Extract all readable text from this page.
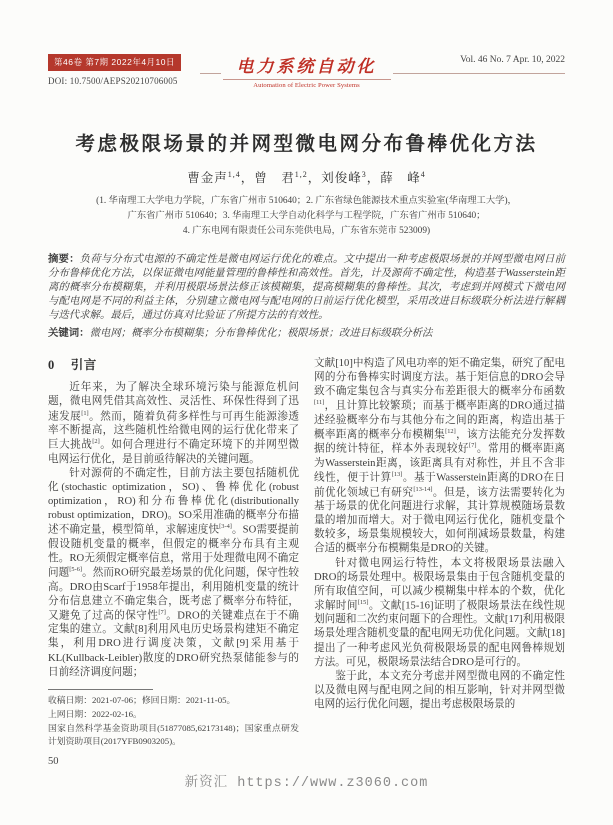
第46卷 第7期 2022年4月10日
DOI: 10.7500/AEPS20210706005
电力系统自动化
Automation of Electric Power Systems
Vol. 46 No. 7 Apr. 10, 2022
考虑极限场景的并网型微电网分布鲁棒优化方法
曹金声$^{1,4}$，曾　君$^{1,2}$，刘俊峰$^3$，薛　峰$^4$
(1. 华南理工大学电力学院，广东省广州市 510640；2. 广东省绿色能源技术重点实验室(华南理工大学)，
广东省广州市 510640；3. 华南理工大学自动化科学与工程学院，广东省广州市 510640；
4. 广东电网有限责任公司东莞供电局，广东省东莞市 523009)

摘要：负荷与分布式电源的不确定性是微电网运行优化的难点。文中提出一种考虑极限场景的并网型微电网日前分布鲁棒优化方法，以保证微电网能量管理的鲁棒性和高效性。首先，计及源荷不确定性，构造基于Wasserstein距离的概率分布模糊集，并利用极限场景法修正该模糊集，提高模糊集的鲁棒性。其次，考虑到并网模式下微电网与配电网是不同的利益主体，分别建立微电网与配电网的日前运行优化模型，采用改进目标级联分析法进行解耦与迭代求解。最后，通过仿真对比验证了所提方法的有效性。

关键词：微电网；概率分布模糊集；分布鲁棒优化；极限场景；改进目标级联分析法

0 引言

近年来，为了解决全球环境污染与能源危机问题，微电网凭借其高效性、灵活性、环保性得到了迅速发展[1]。然而，随着负荷多样性与可再生能源渗透率不断提高，这些随机性给微电网的运行优化带来了巨大挑战[2]。如何合理进行不确定环境下的并网型微电网运行优化，是目前亟待解决的关键问题。

针对源荷的不确定性，目前方法主要包括随机优化(stochastic optimization，SO)、鲁棒优化(robust optimization，RO)和分布鲁棒优化(distributionally robust optimization，DRO)。SO采用准确的概率分布描述不确定量，模型简单，求解速度快[3-4]。SO需要提前假设随机变量的概率，但假定的概率分布具有主观性。RO无须假定概率信息，常用于处理微电网不确定问题[5-6]。然而RO研究最差场景的优化问题，保守性较高。DRO由Scarf于1958年提出，利用随机变量的统计分布信息建立不确定集合，既考虑了概率分布特征，又避免了过高的保守性[7]。DRO的关键难点在于不确定集的建立。文献[8]利用风电历史场景构建矩不确定集，利用DRO进行调度决策，文献[9]采用基于KL(Kullback-Leibler)散度的DRO研究热泵储能参与的日前经济调度问题；

收稿日期：2021-07-06；修回日期：2021-11-05。

上网日期：2022-02-16。

国家自然科学基金资助项目(51877085,62173148)；国家重点研发计划资助项目(2017YFB0903205)。

文献[10]中构造了风电功率的矩不确定集，研究了配电网的分布鲁棒实时调度方法。基于矩信息的DRO会导致不确定集包含与真实分布差距很大的概率分布函数[11]，且计算比较繁琐；而基于概率距离的DRO通过描述经验概率分布与其他分布之间的距离，构造出基于概率距离的概率分布模糊集[12]，该方法能充分发挥数据的统计特征，样本外表现较好[7]。常用的概率距离为Wasserstein距离，该距离具有对称性，并且不含非线性，便于计算[13]。基于Wasserstein距离的DRO在日前优化领域已有研究[13-14]。但是，该方法需要转化为基于场景的优化问题进行求解，其计算规模随场景数量的增加而增大。对于微电网运行优化，随机变量个数较多，场景集规模较大，如何削减场景数量，构建合适的概率分布模糊集是DRO的关键。

针对微电网运行特性，本文将极限场景法融入DRO的场景处理中。极限场景集由于包含随机变量的所有取值空间，可以减少模糊集中样本的个数，优化求解时间[15]。文献[15-16]证明了极限场景法在线性规划问题和二次约束问题下的合理性。文献[17]利用极限场景处理含随机变量的配电网无功优化问题。文献[18]提出了一种考虑风光负荷极限场景的配电网鲁棒规划方法。可见，极限场景法结合DRO是可行的。

鉴于此，本文充分考虑并网型微电网的不确定性以及微电网与配电网之间的相互影响，针对并网型微电网的运行优化问题，提出考虑极限场景的

50
新资汇 https://www.z3060.com
